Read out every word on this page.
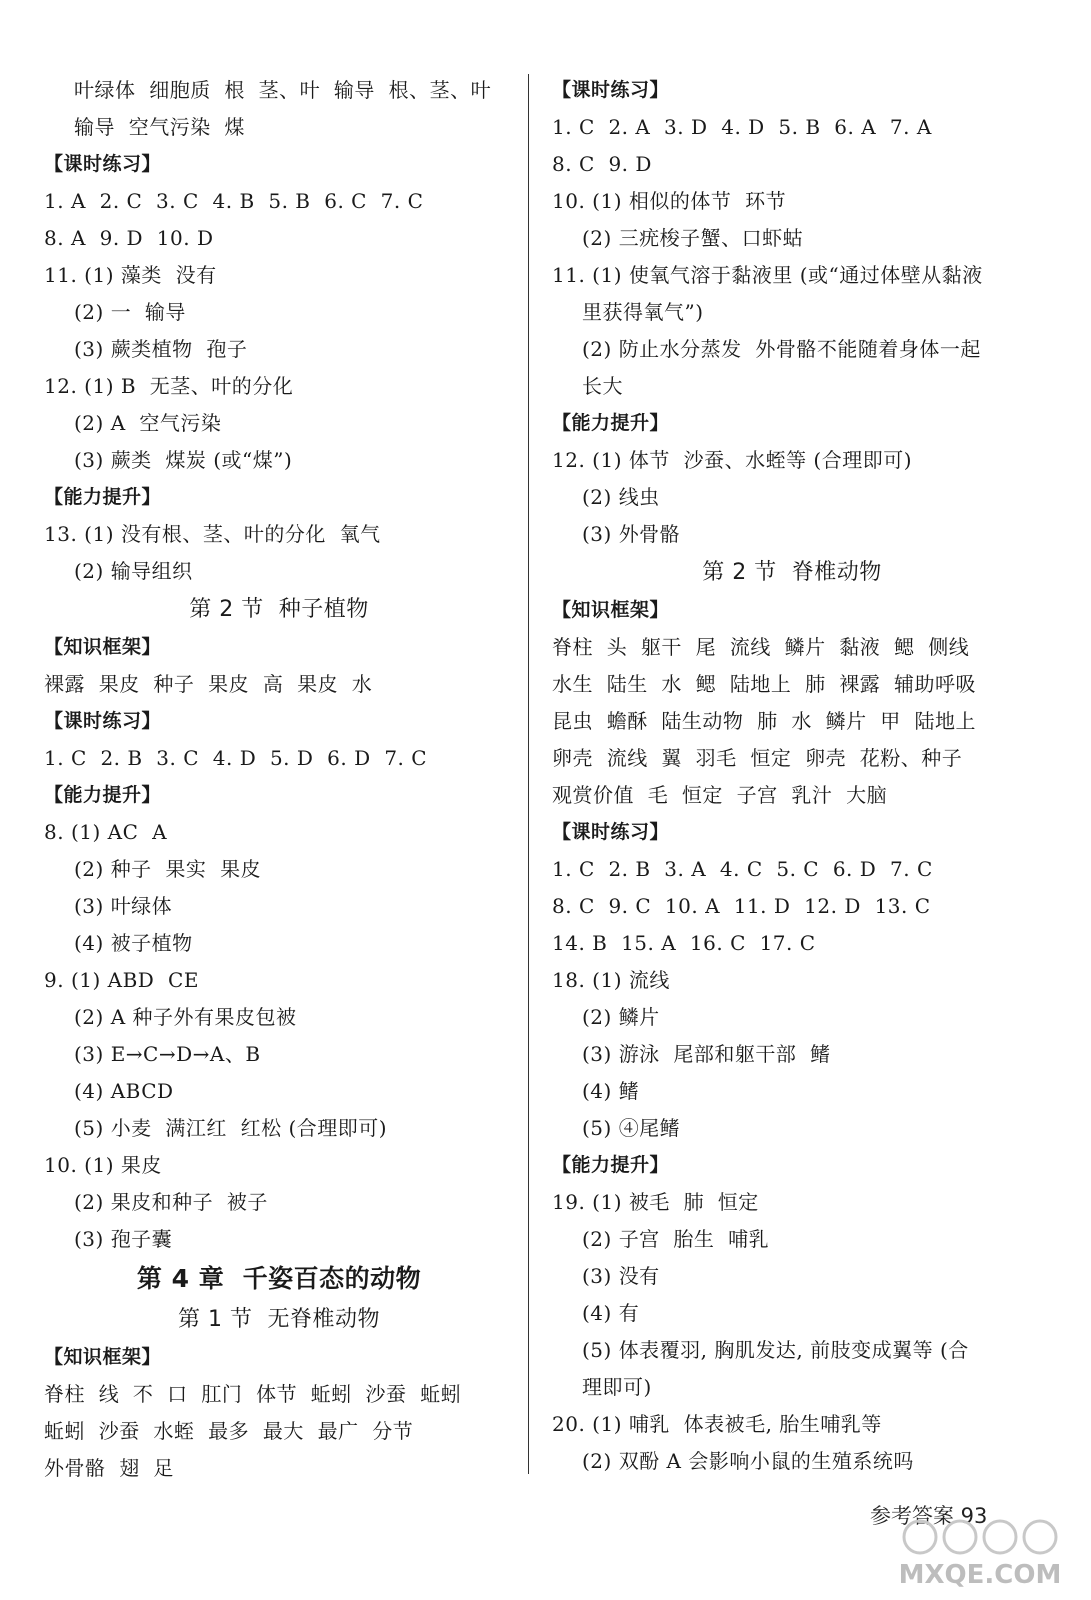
叶绿体  细胞质  根  茎、叶  输导  根、茎、叶
输导  空气污染  煤
【课时练习】
1. A  2. C  3. C  4. B  5. B  6. C  7. C
8. A  9. D  10. D
11. (1) 藻类  没有
(2) 一  输导
(3) 蕨类植物  孢子
12. (1) B  无茎、叶的分化
(2) A  空气污染
(3) 蕨类  煤炭 (或“煤”)
【能力提升】
13. (1) 没有根、茎、叶的分化  氧气
(2) 输导组织
第 2 节  种子植物
【知识框架】
裸露  果皮  种子  果皮  高  果皮  水
【课时练习】
1. C  2. B  3. C  4. D  5. D  6. D  7. C
【能力提升】
8. (1) AC  A
(2) 种子  果实  果皮
(3) 叶绿体
(4) 被子植物
9. (1) ABD  CE
(2) A 种子外有果皮包被
(3) E→C→D→A、B
(4) ABCD
(5) 小麦  满江红  红松 (合理即可)
10. (1) 果皮
(2) 果皮和种子  被子
(3) 孢子囊
第 4 章  千姿百态的动物
第 1 节  无脊椎动物
【知识框架】
脊柱  线  不  口  肛门  体节  蚯蚓  沙蚕  蚯蚓
蚯蚓  沙蚕  水蛭  最多  最大  最广  分节
外骨骼  翅  足
【课时练习】
1. C  2. A  3. D  4. D  5. B  6. A  7. A
8. C  9. D
10. (1) 相似的体节  环节
(2) 三疣梭子蟹、口虾蛄
11. (1) 使氧气溶于黏液里 (或“通过体壁从黏液
里获得氧气”)
(2) 防止水分蒸发  外骨骼不能随着身体一起
长大
【能力提升】
12. (1) 体节  沙蚕、水蛭等 (合理即可)
(2) 线虫
(3) 外骨骼
第 2 节  脊椎动物
【知识框架】
脊柱  头  躯干  尾  流线  鳞片  黏液  鳃  侧线
水生  陆生  水  鳃  陆地上  肺  裸露  辅助呼吸
昆虫  蟾酥  陆生动物  肺  水  鳞片  甲  陆地上
卵壳  流线  翼  羽毛  恒定  卵壳  花粉、种子
观赏价值  毛  恒定  子宫  乳汁  大脑
【课时练习】
1. C  2. B  3. A  4. C  5. C  6. D  7. C
8. C  9. C  10. A  11. D  12. D  13. C
14. B  15. A  16. C  17. C
18. (1) 流线
(2) 鳞片
(3) 游泳  尾部和躯干部  鳍
(4) 鳍
(5) ④尾鳍
【能力提升】
19. (1) 被毛  肺  恒定
(2) 子宫  胎生  哺乳
(3) 没有
(4) 有
(5) 体表覆羽, 胸肌发达, 前肢变成翼等 (合
理即可)
20. (1) 哺乳  体表被毛, 胎生哺乳等
(2) 双酚 A 会影响小鼠的生殖系统吗
参考答案 93
MXQE.COM
